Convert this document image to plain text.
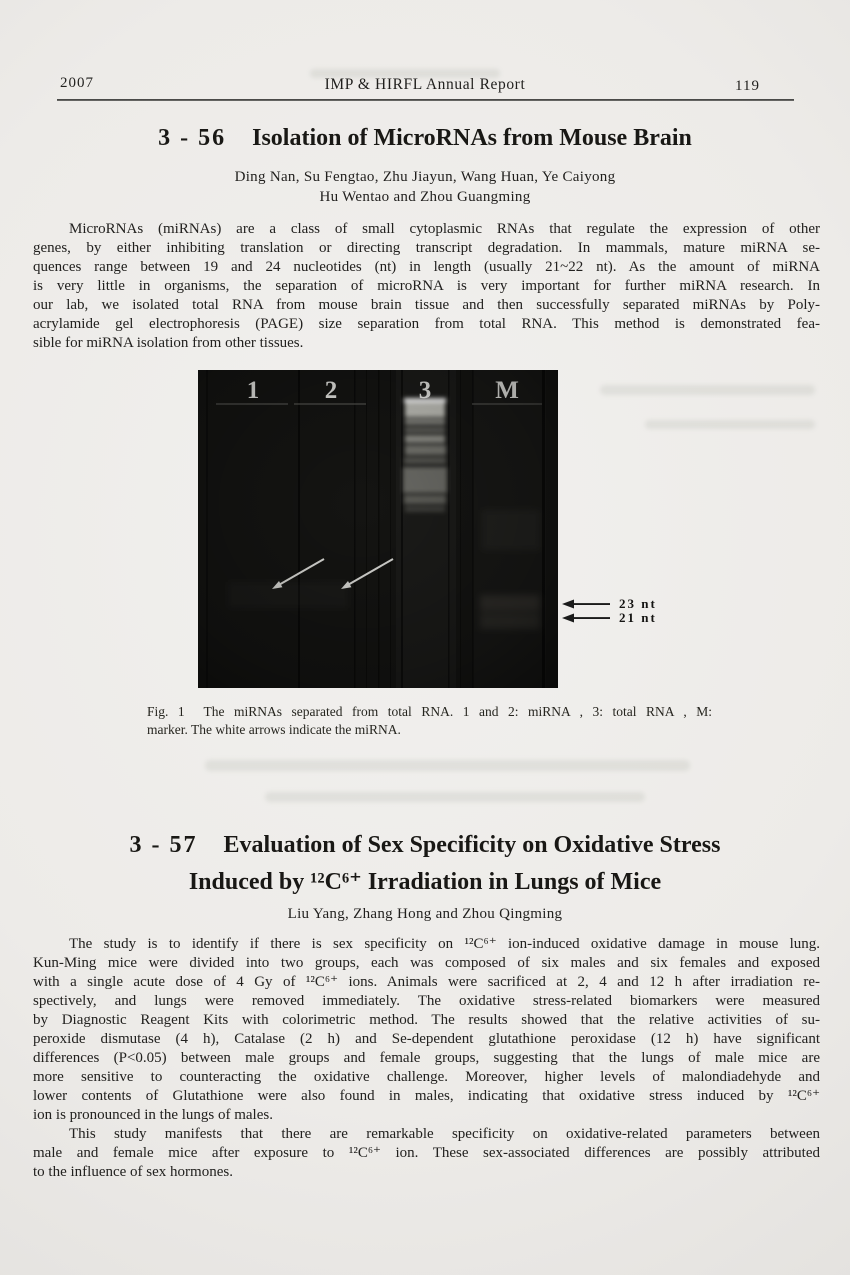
2007	IMP & HIRFL Annual Report	119
3 - 56 Isolation of MicroRNAs from Mouse Brain
Ding Nan, Su Fengtao, Zhu Jiayun, Wang Huan, Ye Caiyong
Hu Wentao and Zhou Guangming
MicroRNAs (miRNAs) are a class of small cytoplasmic RNAs that regulate the expression of other
genes, by either inhibiting translation or directing transcript degradation. In mammals, mature miRNA se-
quences range between 19 and 24 nucleotides (nt) in length (usually 21~22 nt). As the amount of miRNA
is very little in organisms, the separation of microRNA is very important for further miRNA research. In
our lab, we isolated total RNA from mouse brain tissue and then successfully separated miRNAs by Poly-
acrylamide gel electrophoresis (PAGE) size separation from total RNA. This method is demonstrated fea-
sible for miRNA isolation from other tissues.
23 nt
21 nt
Fig. 1  The miRNAs separated from total RNA. 1 and 2: miRNA , 3: total RNA , M:
marker. The white arrows indicate the miRNA.
3 - 57 Evaluation of Sex Specificity on Oxidative Stress
Induced by ¹²C⁶⁺ Irradiation in Lungs of Mice
Liu Yang, Zhang Hong and Zhou Qingming
The study is to identify if there is sex specificity on ¹²C⁶⁺ ion-induced oxidative damage in mouse lung.
Kun-Ming mice were divided into two groups, each was composed of six males and six females and exposed
with a single acute dose of 4 Gy of ¹²C⁶⁺ ions. Animals were sacrificed at 2, 4 and 12 h after irradiation re-
spectively, and lungs were removed immediately. The oxidative stress-related biomarkers were measured
by Diagnostic Reagent Kits with colorimetric method. The results showed that the relative activities of su-
peroxide dismutase (4 h), Catalase (2 h) and Se-dependent glutathione peroxidase (12 h) have significant
differences (P<0.05) between male groups and female groups, suggesting that the lungs of male mice are
more sensitive to counteracting the oxidative challenge. Moreover, higher levels of malondiadehyde and
lower contents of Glutathione were also found in males, indicating that oxidative stress induced by ¹²C⁶⁺
ion is pronounced in the lungs of males.
This study manifests that there are remarkable specificity on oxidative-related parameters between
male and female mice after exposure to ¹²C⁶⁺ ion. These sex-associated differences are possibly attributed
to the influence of sex hormones.
